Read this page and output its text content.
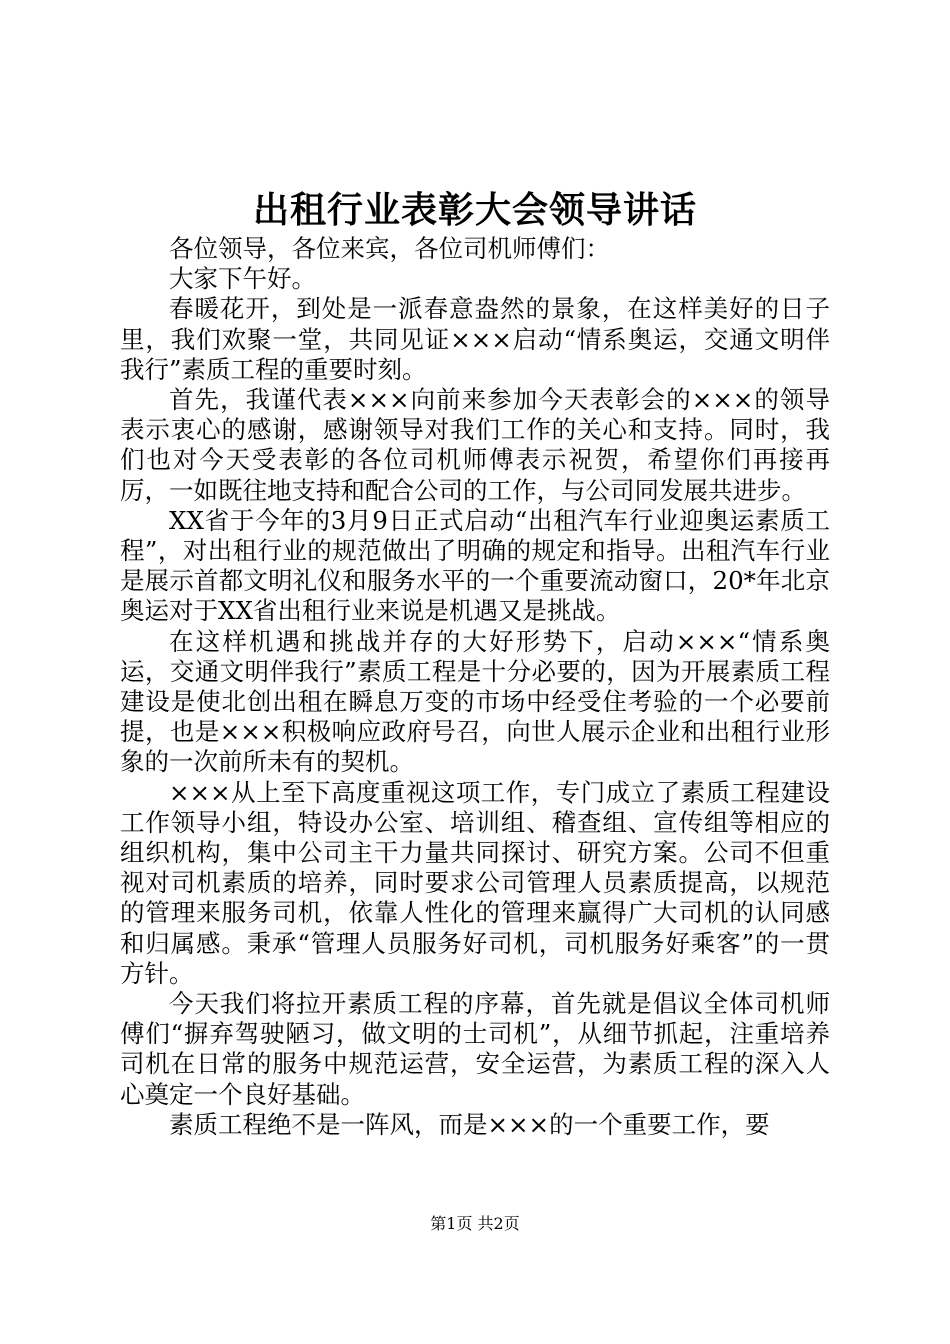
出租行业表彰大会领导讲话

各位领导，各位来宾，各位司机师傅们：

大家下午好。

春暖花开，到处是一派春意盎然的景象，在这样美好的日子里，我们欢聚一堂，共同见证×××启动“情系奥运，交通文明伴我行”素质工程的重要时刻。

首先，我谨代表×××向前来参加今天表彰会的×××的领导表示衷心的感谢，感谢领导对我们工作的关心和支持。同时，我们也对今天受表彰的各位司机师傅表示祝贺，希望你们再接再厉，一如既往地支持和配合公司的工作，与公司同发展共进步。

XX省于今年的3月9日正式启动“出租汽车行业迎奥运素质工程”，对出租行业的规范做出了明确的规定和指导。出租汽车行业是展示首都文明礼仪和服务水平的一个重要流动窗口，20*年北京奥运对于XX省出租行业来说是机遇又是挑战。

在这样机遇和挑战并存的大好形势下，启动×××“情系奥运，交通文明伴我行”素质工程是十分必要的，因为开展素质工程建设是使北创出租在瞬息万变的市场中经受住考验的一个必要前提，也是×××积极响应政府号召，向世人展示企业和出租行业形象的一次前所未有的契机。

×××从上至下高度重视这项工作，专门成立了素质工程建设工作领导小组，特设办公室、培训组、稽查组、宣传组等相应的组织机构，集中公司主干力量共同探讨、研究方案。公司不但重视对司机素质的培养，同时要求公司管理人员素质提高，以规范的管理来服务司机，依靠人性化的管理来赢得广大司机的认同感和归属感。秉承“管理人员服务好司机，司机服务好乘客”的一贯方针。

今天我们将拉开素质工程的序幕，首先就是倡议全体司机师傅们“摒弃驾驶陋习，做文明的士司机”，从细节抓起，注重培养司机在日常的服务中规范运营，安全运营，为素质工程的深入人心奠定一个良好基础。

素质工程绝不是一阵风，而是×××的一个重要工作，要

第1页 共2页
